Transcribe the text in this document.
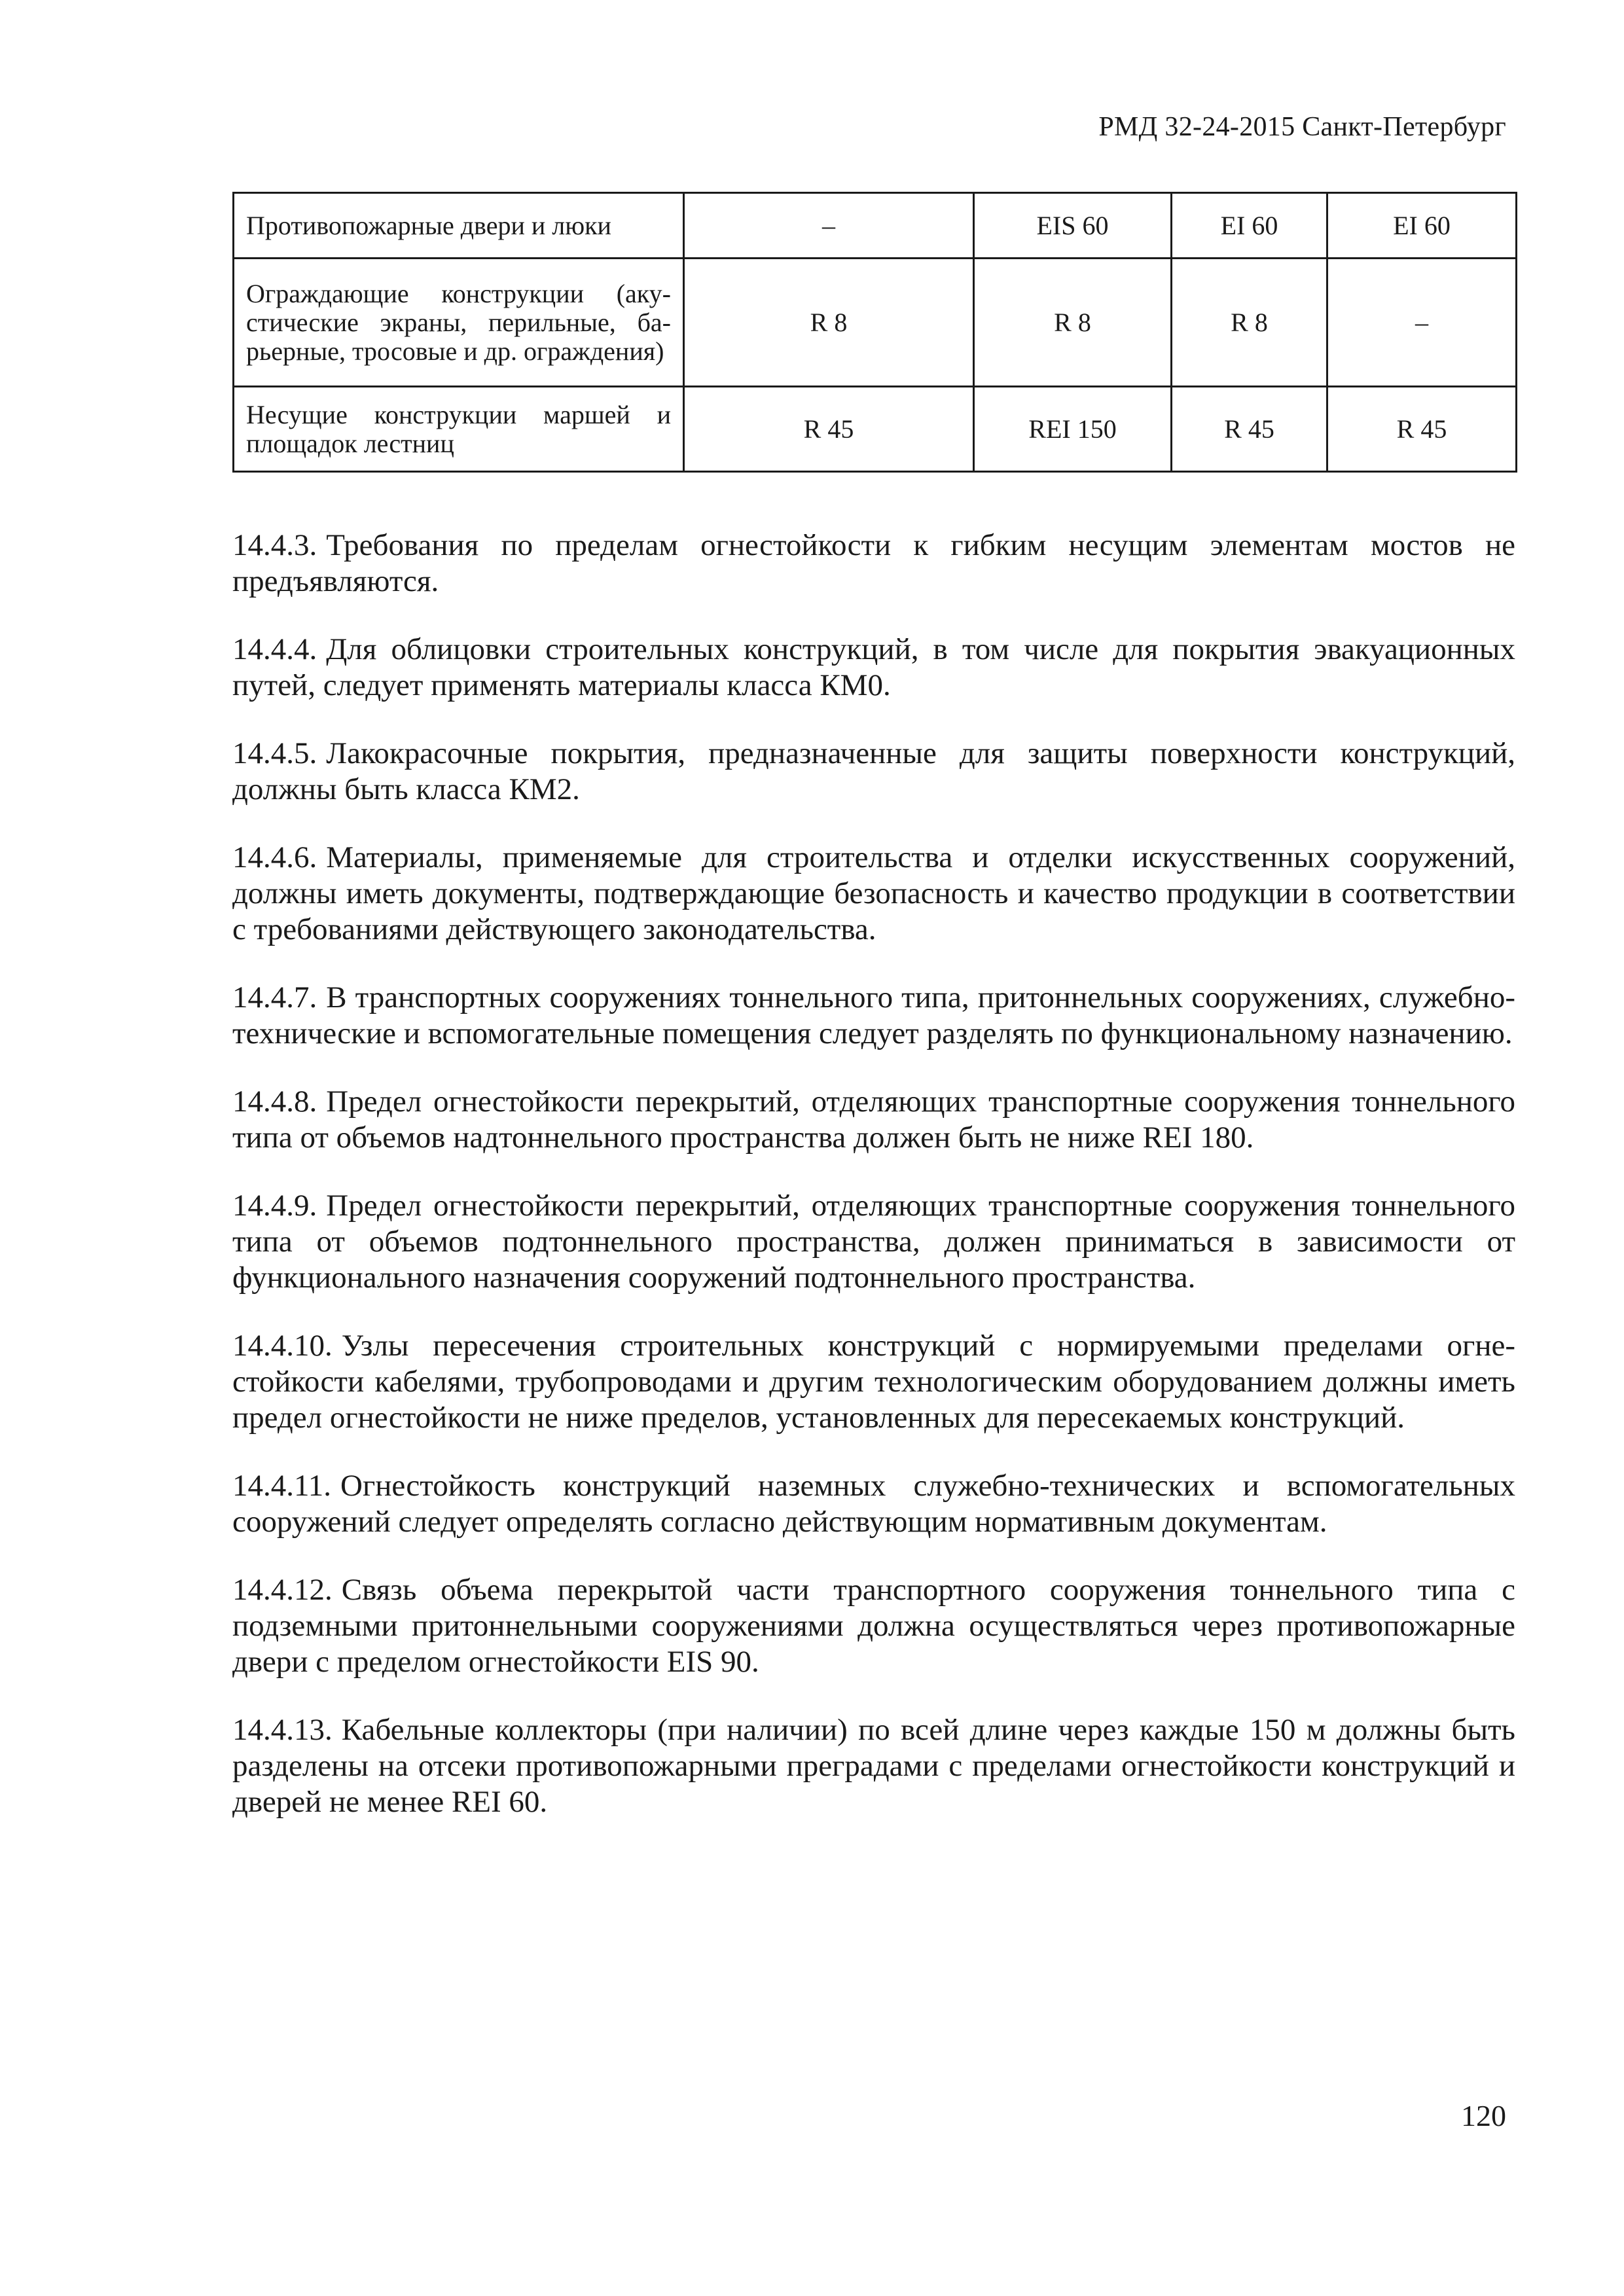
РМД 32-24-2015 Санкт-Петербург
Противопожарные двери и люки	–	EIS 60	EI 60	EI 60
Ограждающие конструкции (акустические экраны, перильные, барьерные, тросовые и др. ограждения)	R 8	R 8	R 8	–
Несущие конструкции маршей и площадок лестниц	R 45	REI 150	R 45	R 45

14.4.3. Требования по пределам огнестойкости к гибким несущим элементам мостов не предъявляются.

14.4.4. Для облицовки строительных конструкций, в том числе для покрытия эвакуационных путей, следует применять материалы класса КМ0.

14.4.5. Лакокрасочные покрытия, предназначенные для защиты поверхности конструкций, должны быть класса КМ2.

14.4.6. Материалы, применяемые для строительства и отделки искусственных сооружений, должны иметь документы, подтверждающие безопасность и качество продукции в соответствии с требованиями действующего законодательства.

14.4.7. В транспортных сооружениях тоннельного типа, притоннельных сооружениях, служебно-технические и вспомогательные помещения следует разделять по функциональному назначению.

14.4.8. Предел огнестойкости перекрытий, отделяющих транспортные сооружения тоннельного типа от объемов надтоннельного пространства должен быть не ниже REI 180.

14.4.9. Предел огнестойкости перекрытий, отделяющих транспортные сооружения тоннельного типа от объемов подтоннельного пространства, должен приниматься в зависимости от функционального назначения сооружений подтоннельного пространства.

14.4.10. Узлы пересечения строительных конструкций с нормируемыми пределами огнестойкости кабелями, трубопроводами и другим технологическим оборудованием должны иметь предел огнестойкости не ниже пределов, установленных для пересекаемых конструкций.

14.4.11. Огнестойкость конструкций наземных служебно-технических и вспомогательных сооружений следует определять согласно действующим нормативным документам.

14.4.12. Связь объема перекрытой части транспортного сооружения тоннельного типа с подземными притоннельными сооружениями должна осуществляться через противопожарные двери с пределом огнестойкости EIS 90.

14.4.13. Кабельные коллекторы (при наличии) по всей длине через каждые 150 м должны быть разделены на отсеки противопожарными преградами с пределами огнестойкости конструкций и дверей не менее REI 60.

120
